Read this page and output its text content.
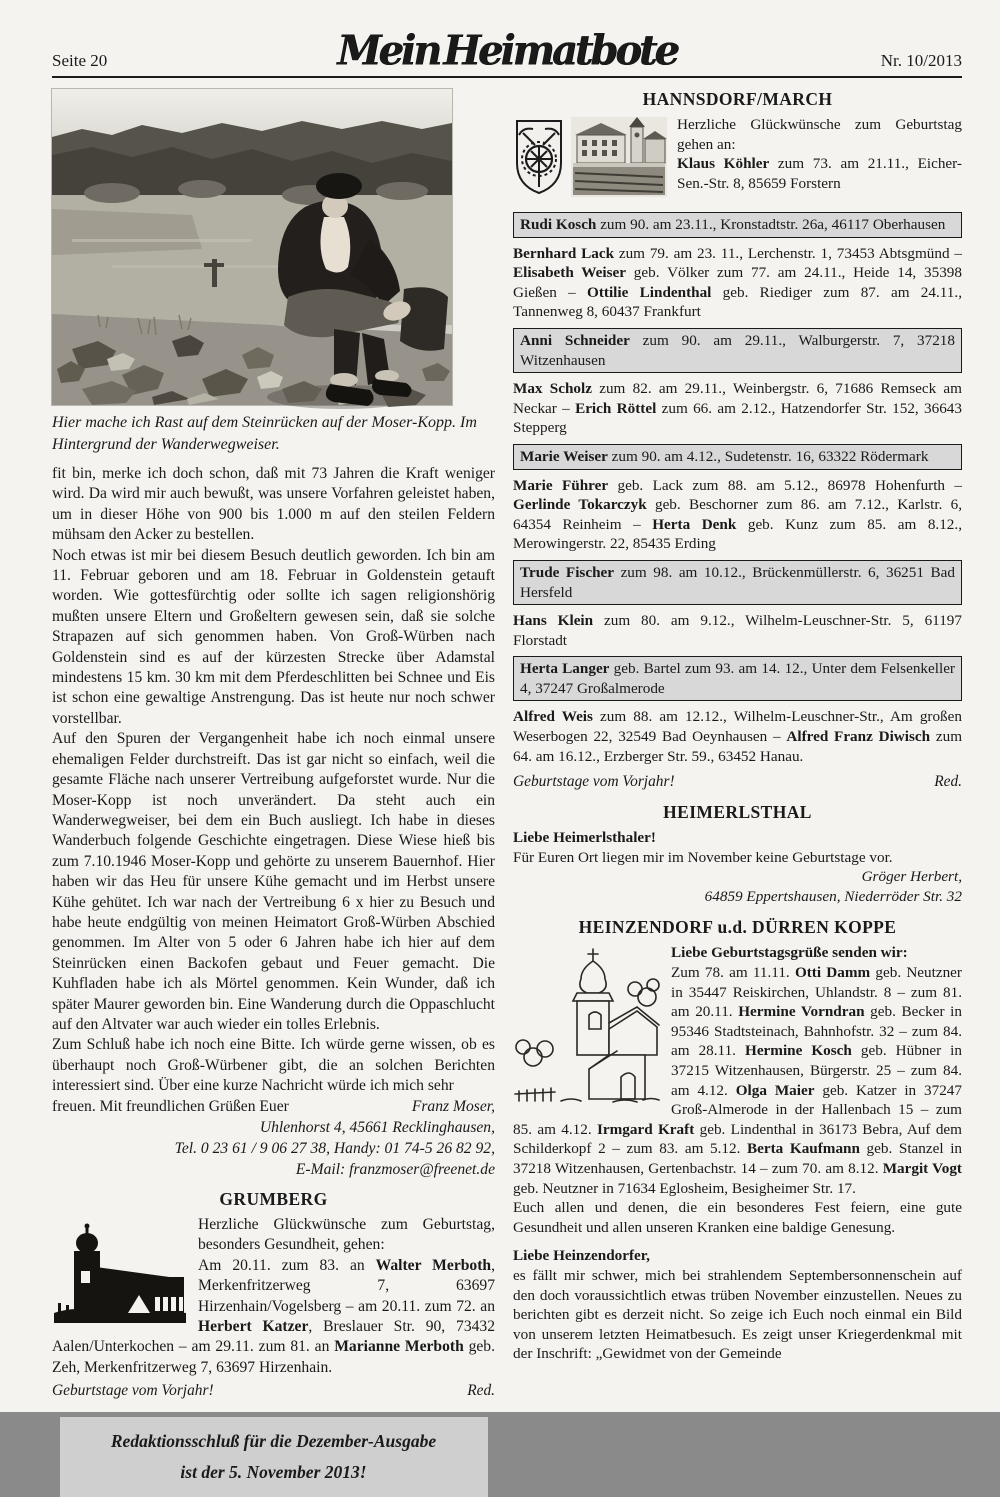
Seite 20	Mein Heimatbote	Nr. 10/2013
Hier mache ich Rast auf dem Steinrücken auf der Moser-Kopp. Im Hintergrund der Wanderwegweiser.

fit bin, merke ich doch schon, daß mit 73 Jahren die Kraft weniger wird. Da wird mir auch bewußt, was unsere Vorfahren geleistet haben, um in dieser Höhe von 900 bis 1.000 m auf den steilen Feldern mühsam den Acker zu bestellen.

Noch etwas ist mir bei diesem Besuch deutlich geworden. Ich bin am 11. Februar geboren und am 18. Februar in Goldenstein getauft worden. Wie gottesfürchtig oder sollte ich sagen religionshörig mußten unsere Eltern und Großeltern gewesen sein, daß sie solche Strapazen auf sich genommen haben. Von Groß-Würben nach Goldenstein sind es auf der kürzesten Strecke über Adamstal mindestens 15 km. 30 km mit dem Pferdeschlitten bei Schnee und Eis ist schon eine gewaltige Anstrengung. Das ist heute nur noch schwer vorstellbar.

Auf den Spuren der Vergangenheit habe ich noch einmal unsere ehemaligen Felder durchstreift. Das ist gar nicht so einfach, weil die gesamte Fläche nach unserer Vertreibung aufgeforstet wurde. Nur die Moser-Kopp ist noch unverändert. Da steht auch ein Wanderwegweiser, bei dem ein Buch ausliegt. Ich habe in dieses Wanderbuch folgende Geschichte eingetragen. Diese Wiese hieß bis zum 7.10.1946 Moser-Kopp und gehörte zu unserem Bauernhof. Hier haben wir das Heu für unsere Kühe gemacht und im Herbst unsere Kühe gehütet. Ich war nach der Vertreibung 6 x hier zu Besuch und habe heute endgültig von meinen Heimatort Groß-Würben Abschied genommen. Im Alter von 5 oder 6 Jahren habe ich hier auf dem Steinrücken einen Backofen gebaut und Feuer gemacht. Die Kuhfladen habe ich als Mörtel genommen. Kein Wunder, daß ich später Maurer geworden bin. Eine Wanderung durch die Oppaschlucht auf den Altvater war auch wieder ein tolles Erlebnis.

Zum Schluß habe ich noch eine Bitte. Ich würde gerne wissen, ob es überhaupt noch Groß-Würbener gibt, die an solchen Berichten interessiert sind. Über eine kurze Nachricht würde ich mich sehr

freuen. Mit freundlichen Grüßen Euer	Franz Moser,
Uhlenhorst 4, 45661 Recklinghausen,
Tel. 0 23 61 / 9 06 27 38, Handy: 01 74-5 26 82 92,
E-Mail: franzmoser@freenet.de
GRUMBERG

Herzliche Glückwünsche zum Geburtstag, besonders Gesundheit, gehen:
Am 20.11. zum 83. an Walter Merboth, Merkenfritzerweg 7, 63697 Hirzenhain/Vogelsberg – am 20.11. zum 72. an Herbert Katzer, Breslauer Str. 90, 73432 Aalen/Unterkochen – am 29.11. zum 81. an Marianne Merboth geb. Zeh, Merkenfritzerweg 7, 63697 Hirzenhain.

Geburtstage vom Vorjahr!	Red.
Redaktionsschluß für die Dezember-Ausgabe
ist der 5. November 2013!
HANNSDORF/MARCH

Herzliche Glückwünsche zum Geburtstag gehen an:
Klaus Köhler zum 73. am 21.11., Eicher-Sen.-Str. 8, 85659 Forstern

Rudi Kosch zum 90. am 23.11., Kronstadtstr. 26a, 46117 Oberhausen
Bernhard Lack zum 79. am 23. 11., Lerchenstr. 1, 73453 Abtsgmünd – Elisabeth Weiser geb. Völker zum 77. am 24.11., Heide 14, 35398 Gießen – Ottilie Lindenthal geb. Riediger zum 87. am 24.11., Tannenweg 8, 60437 Frankfurt
Anni Schneider zum 90. am 29.11., Walburgerstr. 7, 37218 Witzenhausen
Max Scholz zum 82. am 29.11., Weinbergstr. 6, 71686 Remseck am Neckar – Erich Röttel zum 66. am 2.12., Hatzendorfer Str. 152, 36643 Stepperg
Marie Weiser zum 90. am 4.12., Sudetenstr. 16, 63322 Rödermark
Marie Führer geb. Lack zum 88. am 5.12., 86978 Hohenfurth – Gerlinde Tokarczyk geb. Beschorner zum 86. am 7.12., Karlstr. 6, 64354 Reinheim – Herta Denk geb. Kunz zum 85. am 8.12., Merowingerstr. 22, 85435 Erding
Trude Fischer zum 98. am 10.12., Brückenmüllerstr. 6, 36251 Bad Hersfeld
Hans Klein zum 80. am 9.12., Wilhelm-Leuschner-Str. 5, 61197 Florstadt
Herta Langer geb. Bartel zum 93. am 14. 12., Unter dem Felsenkeller 4, 37247 Großalmerode
Alfred Weis zum 88. am 12.12., Wilhelm-Leuschner-Str., Am großen Weserbogen 22, 32549 Bad Oeynhausen – Alfred Franz Diwisch zum 64. am 16.12., Erzberger Str. 59., 63452 Hanau.
Geburtstage vom Vorjahr!	Red.
HEIMERLSTHAL

Liebe Heimerlsthaler!

Für Euren Ort liegen mir im November keine Geburtstage vor.

Gröger Herbert,
64859 Eppertshausen, Niederröder Str. 32
HEINZENDORF u.d. DÜRREN KOPPE

Liebe Geburtstagsgrüße senden wir:
Zum 78. am 11.11. Otti Damm geb. Neutzner in 35447 Reiskirchen, Uhlandstr. 8 – zum 81. am 20.11. Hermine Vorndran geb. Becker in 95346 Stadtsteinach, Bahnhofstr. 32 – zum 84. am 28.11. Hermine Kosch geb. Hübner in 37215 Witzenhausen, Bürgerstr. 25 – zum 84. am 4.12. Olga Maier geb. Katzer in 37247 Groß-Almerode in der Hallenbach 15 – zum 85. am 4.12. Irmgard Kraft geb. Lindenthal in 36173 Bebra, Auf dem Schilderkopf 2 – zum 83. am 5.12. Berta Kaufmann geb. Stanzel in 37218 Witzenhausen, Gertenbachstr. 14 – zum 70. am 8.12. Margit Vogt geb. Neutzner in 71634 Eglosheim, Besigheimer Str. 17.

Euch allen und denen, die ein besonderes Fest feiern, eine gute Gesundheit und allen unseren Kranken eine baldige Genesung.

Liebe Heinzendorfer,

es fällt mir schwer, mich bei strahlendem Septembersonnenschein auf den doch voraussichtlich etwas trüben November einzustellen. Neues zu berichten gibt es derzeit nicht. So zeige ich Euch noch einmal ein Bild von unserem letzten Heimatbesuch. Es zeigt unser Kriegerdenkmal mit der Inschrift: „Gewidmet von der Gemeinde
